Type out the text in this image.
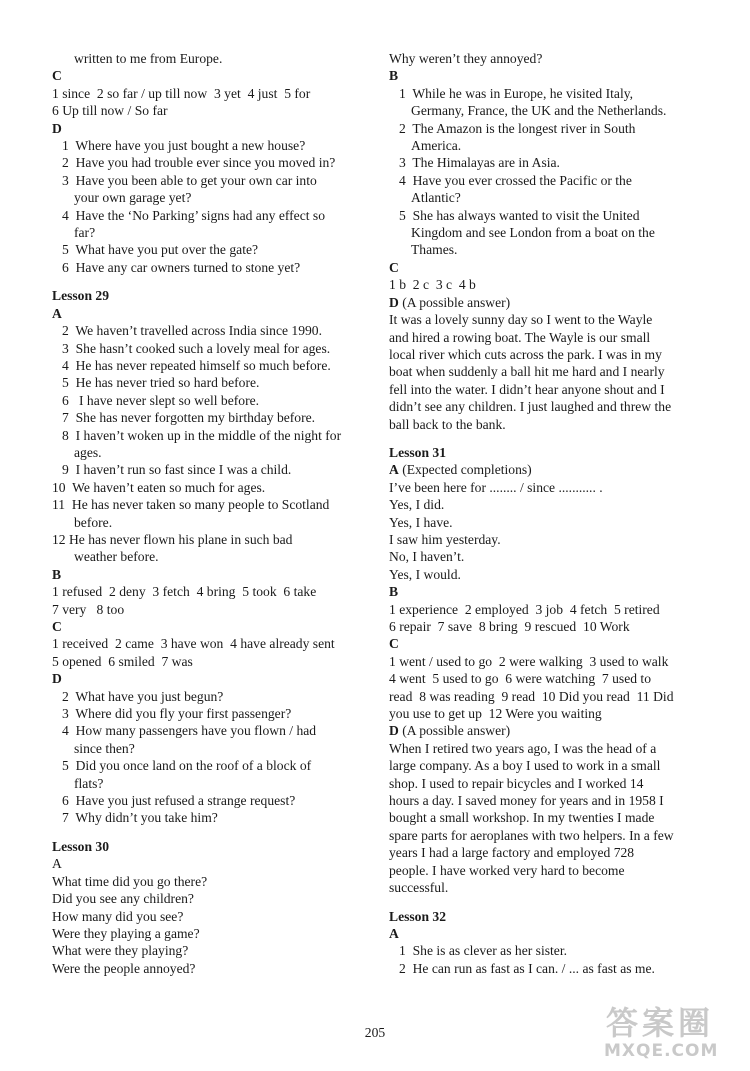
written to me from Europe.
C
1 since  2 so far / up till now  3 yet  4 just  5 for
6 Up till now / So far
D
1  Where have you just bought a new house?
2  Have you had trouble ever since you moved in?
3  Have you been able to get your own car into
your own garage yet?
4  Have the ‘No Parking’ signs had any effect so
far?
5  What have you put over the gate?
6  Have any car owners turned to stone yet?
Lesson 29
A
2  We haven’t travelled across India since 1990.
3  She hasn’t cooked such a lovely meal for ages.
4  He has never repeated himself so much before.
5  He has never tried so hard before.
6   I have never slept so well before.
7  She has never forgotten my birthday before.
8  I haven’t woken up in the middle of the night for
ages.
9  I haven’t run so fast since I was a child.
10  We haven’t eaten so much for ages.
11  He has never taken so many people to Scotland
before.
12 He has never flown his plane in such bad
weather before.
B
1 refused  2 deny  3 fetch  4 bring  5 took  6 take
7 very   8 too
C
1 received  2 came  3 have won  4 have already sent
5 opened  6 smiled  7 was
D
2  What have you just begun?
3  Where did you fly your first passenger?
4  How many passengers have you flown / had
since then?
5  Did you once land on the roof of a block of
flats?
6  Have you just refused a strange request?
7  Why didn’t you take him?
Lesson 30
A
What time did you go there?
Did you see any children?
How many did you see?
Were they playing a game?
What were they playing?
Were the people annoyed?
Why weren’t they annoyed?
B
1  While he was in Europe, he visited Italy,
Germany, France, the UK and the Netherlands.
2  The Amazon is the longest river in South
America.
3  The Himalayas are in Asia.
4  Have you ever crossed the Pacific or the
Atlantic?
5  She has always wanted to visit the United
Kingdom and see London from a boat on the
Thames.
C
1 b  2 c  3 c  4 b
D (A possible answer)
It was a lovely sunny day so I went to the Wayle
and hired a rowing boat. The Wayle is our small
local river which cuts across the park. I was in my
boat when suddenly a ball hit me hard and I nearly
fell into the water. I didn’t hear anyone shout and I
didn’t see any children. I just laughed and threw the
ball back to the bank.
Lesson 31
A (Expected completions)
I’ve been here for ........ / since ........... .
Yes, I did.
Yes, I have.
I saw him yesterday.
No, I haven’t.
Yes, I would.
B
1 experience  2 employed  3 job  4 fetch  5 retired
6 repair  7 save  8 bring  9 rescued  10 Work
C
1 went / used to go  2 were walking  3 used to walk
4 went  5 used to go  6 were watching  7 used to
read  8 was reading  9 read  10 Did you read  11 Did
you use to get up  12 Were you waiting
D (A possible answer)
When I retired two years ago, I was the head of a
large company. As a boy I used to work in a small
shop. I used to repair bicycles and I worked 14
hours a day. I saved money for years and in 1958 I
bought a small workshop. In my twenties I made
spare parts for aeroplanes with two helpers. In a few
years I had a large factory and employed 728
people. I have worked very hard to become
successful.
Lesson 32
A
1  She is as clever as her sister.
2  He can run as fast as I can. / ... as fast as me.
205	答案圈
MXQE.COM
